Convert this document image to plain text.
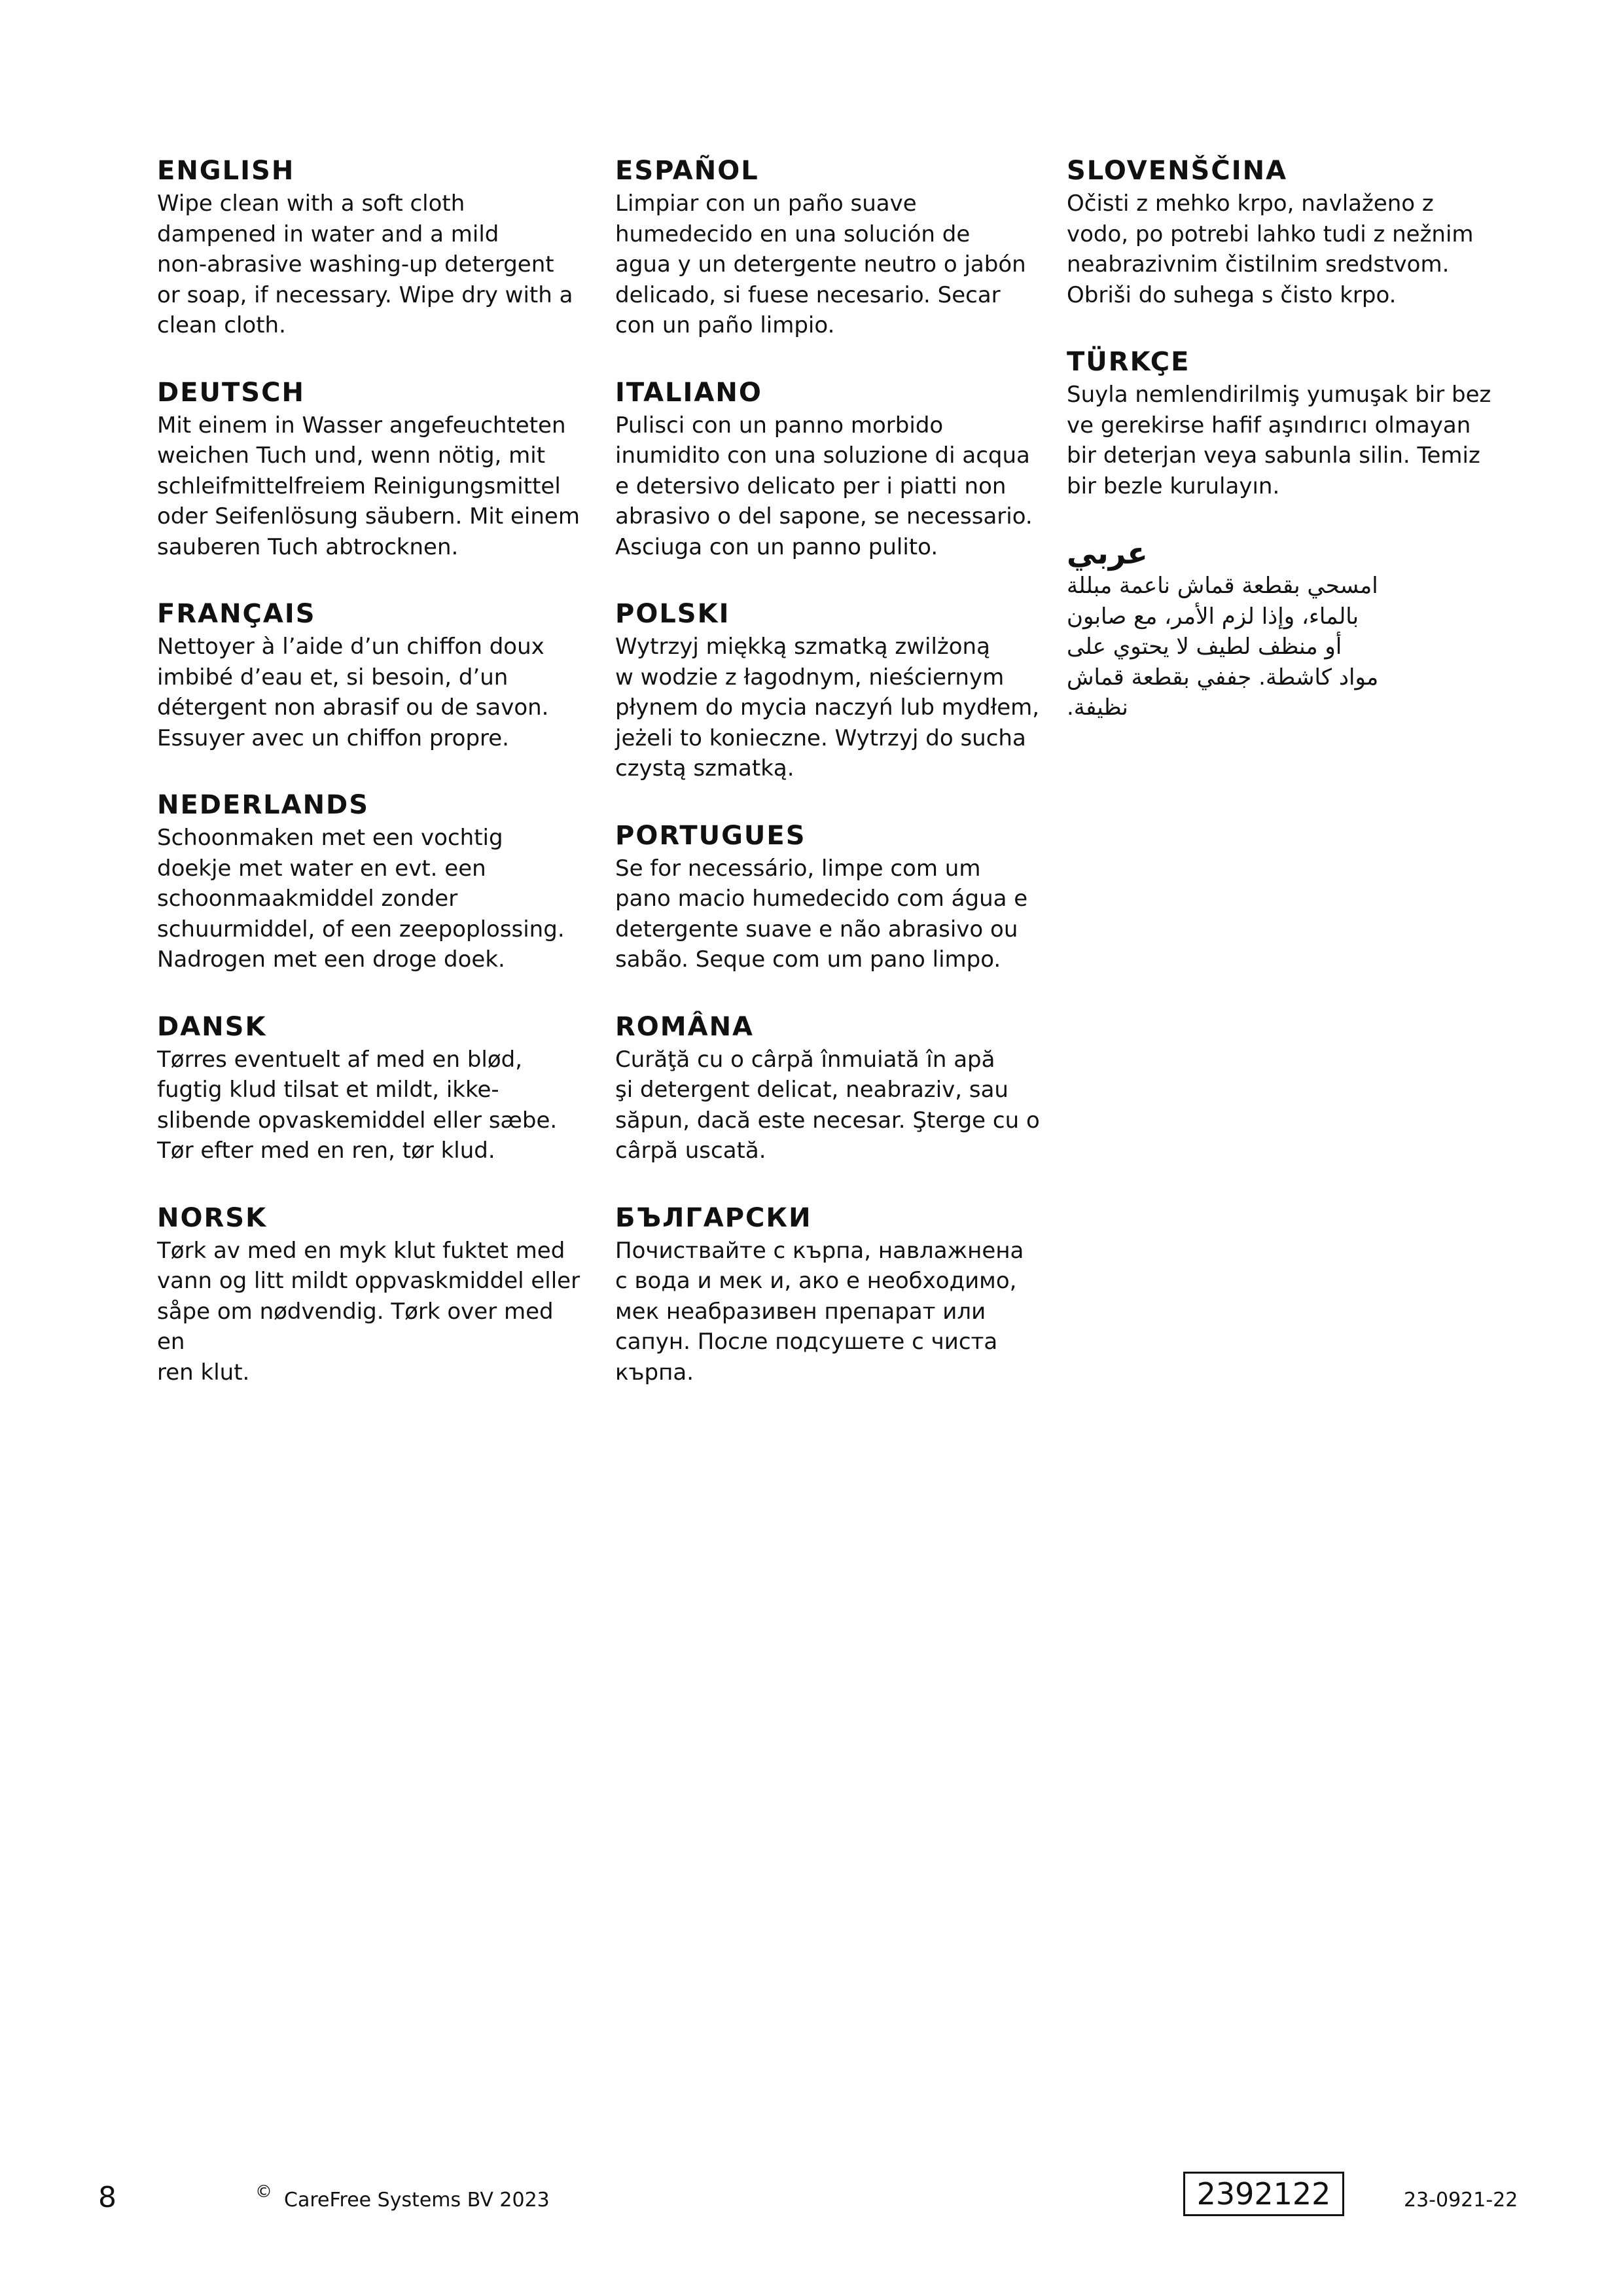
ENGLISH

Wipe clean with a soft cloth
dampened in water and a mild
non-abrasive washing-up detergent
or soap, if necessary. Wipe dry with a
clean cloth.

DEUTSCH

Mit einem in Wasser angefeuchteten
weichen Tuch und, wenn nötig, mit
schleifmittelfreiem Reinigungsmittel
oder Seifenlösung säubern. Mit einem
sauberen Tuch abtrocknen.

FRANÇAIS

Nettoyer à l’aide d’un chiffon doux
imbibé d’eau et, si besoin, d’un
détergent non abrasif ou de savon.
Essuyer avec un chiffon propre.

NEDERLANDS

Schoonmaken met een vochtig
doekje met water en evt. een
schoonmaakmiddel zonder
schuurmiddel, of een zeepoplossing.
Nadrogen met een droge doek.

DANSK

Tørres eventuelt af med en blød,
fugtig klud tilsat et mildt, ikke-
slibende opvaskemiddel eller sæbe.
Tør efter med en ren, tør klud.

NORSK

Tørk av med en myk klut fuktet med
vann og litt mildt oppvaskmiddel eller
såpe om nødvendig. Tørk over med en
ren klut.

ESPAÑOL

Limpiar con un paño suave
humedecido en una solución de
agua y un detergente neutro o jabón
delicado, si fuese necesario. Secar
con un paño limpio.

ITALIANO

Pulisci con un panno morbido
inumidito con una soluzione di acqua
e detersivo delicato per i piatti non
abrasivo o del sapone, se necessario.
Asciuga con un panno pulito.

POLSKI

Wytrzyj miękką szmatką zwilżoną
w wodzie z łagodnym, nieściernym
płynem do mycia naczyń lub mydłem,
jeżeli to konieczne. Wytrzyj do sucha
czystą szmatką.

PORTUGUES

Se for necessário, limpe com um
pano macio humedecido com água e
detergente suave e não abrasivo ou
sabão. Seque com um pano limpo.

ROMÂNA

Curăţă cu o cârpă înmuiată în apă
şi detergent delicat, neabraziv, sau
săpun, dacă este necesar. Şterge cu o
cârpă uscată.

БЪЛГАРСКИ

Почиствайте с кърпа, навлажнена
с вода и мек и, ако е необходимо,
мек неабразивен препарат или
сапун. После подсушете с чиста
кърпа.

SLOVENŠČINA

Očisti z mehko krpo, navlaženo z
vodo, po potrebi lahko tudi z nežnim
neabrazivnim čistilnim sredstvom.
Obriši do suhega s čisto krpo.

TÜRKÇE

Suyla nemlendirilmiş yumuşak bir bez
ve gerekirse hafif aşındırıcı olmayan
bir deterjan veya sabunla silin. Temiz
bir bezle kurulayın.

عربي

امسحي بقطعة قماش ناعمة مبللة
بالماء، وإذا لزم الأمر، مع صابون
أو منظف لطيف لا يحتوي على
مواد كاشطة. جففي بقطعة قماش
نظيفة.

8	© CareFree Systems BV 2023	2392122	23-0921-22
